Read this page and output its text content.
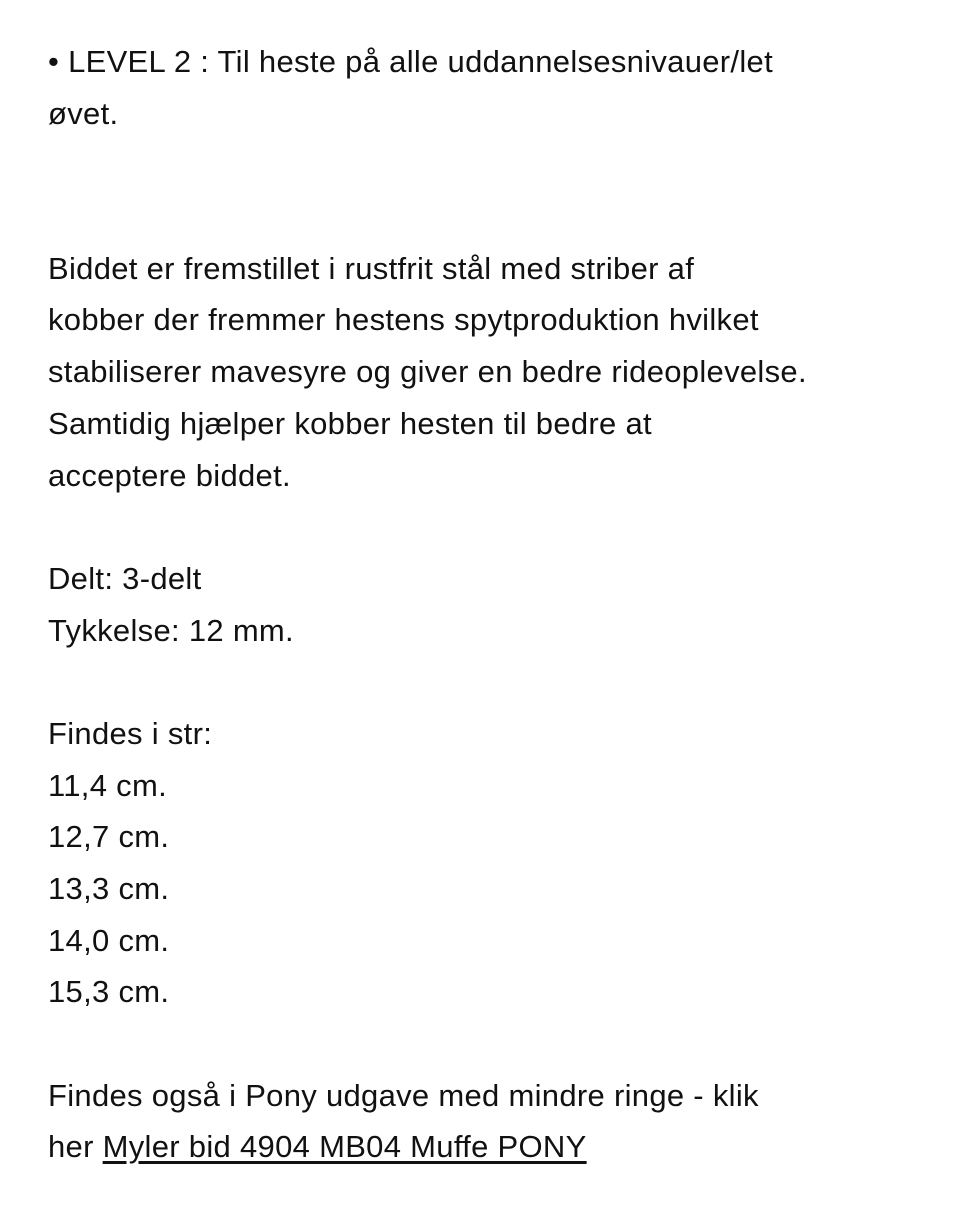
• LEVEL 2 : Til heste på alle uddannelsesnivauer/let
øvet.
Biddet er fremstillet i rustfrit stål med striber af
kobber der fremmer hestens spytproduktion hvilket
stabiliserer mavesyre og giver en bedre rideoplevelse.
Samtidig hjælper kobber hesten til bedre at
acceptere biddet.
Delt: 3-delt
Tykkelse: 12 mm.
Findes i str:
11,4 cm.
12,7 cm.
13,3 cm.
14,0 cm.
15,3 cm.
Findes også i Pony udgave med mindre ringe - klik
her Myler bid 4904 MB04 Muffe PONY
